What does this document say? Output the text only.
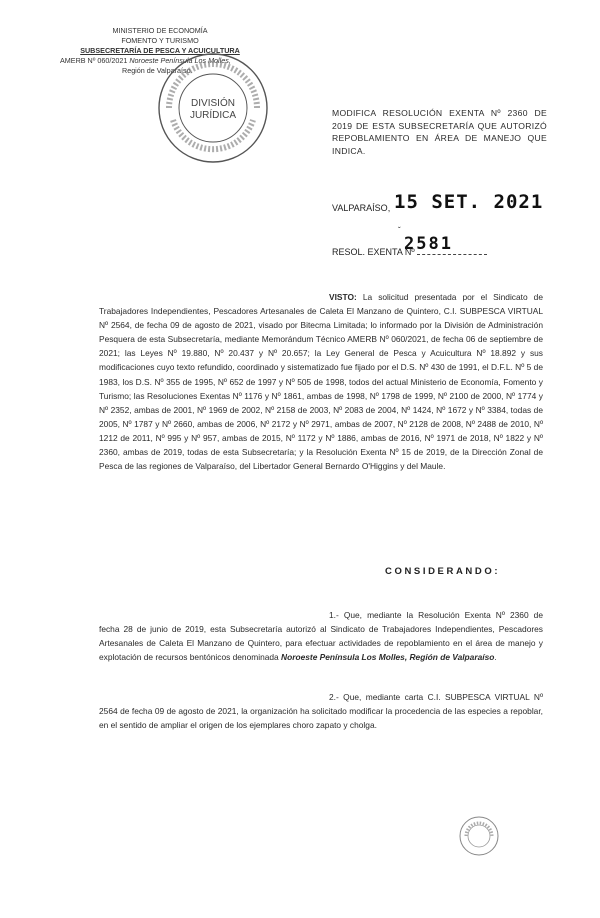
MINISTERIO DE ECONOMÍA
FOMENTO Y TURISMO
SUBSECRETARÍA DE PESCA Y ACUICULTURA
AMERB Nº 060/2021 Noroeste Península Los Molles,
Región de Valparaíso.
DIVISIÓN
JURÍDICA	MODIFICA RESOLUCIÓN EXENTA Nº 2360 DE 2019 DE ESTA SUBSECRETARÍA QUE AUTORIZÓ REPOBLAMIENTO EN ÁREA DE MANEJO QUE INDICA.
VALPARAÍSO, 15 SET. 2021
ˇ
2581
RESOL. EXENTA Nº
VISTO: La solicitud presentada por el Sindicato de Trabajadores Independientes, Pescadores Artesanales de Caleta El Manzano de Quintero, C.I. SUBPESCA VIRTUAL Nº 2564, de fecha 09 de agosto de 2021, visado por Bitecma Limitada; lo informado por la División de Administración Pesquera de esta Subsecretaría, mediante Memorándum Técnico AMERB Nº 060/2021, de fecha 06 de septiembre de 2021; las Leyes Nº 19.880, Nº 20.437 y Nº 20.657; la Ley General de Pesca y Acuicultura Nº 18.892 y sus modificaciones cuyo texto refundido, coordinado y sistematizado fue fijado por el D.S. Nº 430 de 1991, el D.F.L. Nº 5 de 1983, los D.S. Nº 355 de 1995, Nº 652 de 1997 y Nº 505 de 1998, todos del actual Ministerio de Economía, Fomento y Turismo; las Resoluciones Exentas Nº 1176 y Nº 1861, ambas de 1998, Nº 1798 de 1999, Nº 2100 de 2000, Nº 1774 y Nº 2352, ambas de 2001, Nº 1969 de 2002, Nº 2158 de 2003, Nº 2083 de 2004, Nº 1424, Nº 1672 y Nº 3384, todas de 2005, Nº 1787 y Nº 2660, ambas de 2006, Nº 2172 y Nº 2971, ambas de 2007, Nº 2128 de 2008, Nº 2488 de 2010, Nº 1212 de 2011, Nº 995 y Nº 957, ambas de 2015, Nº 1172 y Nº 1886, ambas de 2016, Nº 1971 de 2018, Nº 1822 y Nº 2360, ambas de 2019, todas de esta Subsecretaría; y la Resolución Exenta Nº 15 de 2019, de la Dirección Zonal de Pesca de las regiones de Valparaíso, del Libertador General Bernardo O'Higgins y del Maule.
CONSIDERANDO:
1.- Que, mediante la Resolución Exenta Nº 2360 de fecha 28 de junio de 2019, esta Subsecretaría autorizó al Sindicato de Trabajadores Independientes, Pescadores Artesanales de Caleta El Manzano de Quintero, para efectuar actividades de repoblamiento en el área de manejo y explotación de recursos bentónicos denominada Noroeste Península Los Molles, Región de Valparaíso.
2.- Que, mediante carta C.I. SUBPESCA VIRTUAL Nº 2564 de fecha 09 de agosto de 2021, la organización ha solicitado modificar la procedencia de las especies a repoblar, en el sentido de ampliar el origen de los ejemplares choro zapato y cholga.
